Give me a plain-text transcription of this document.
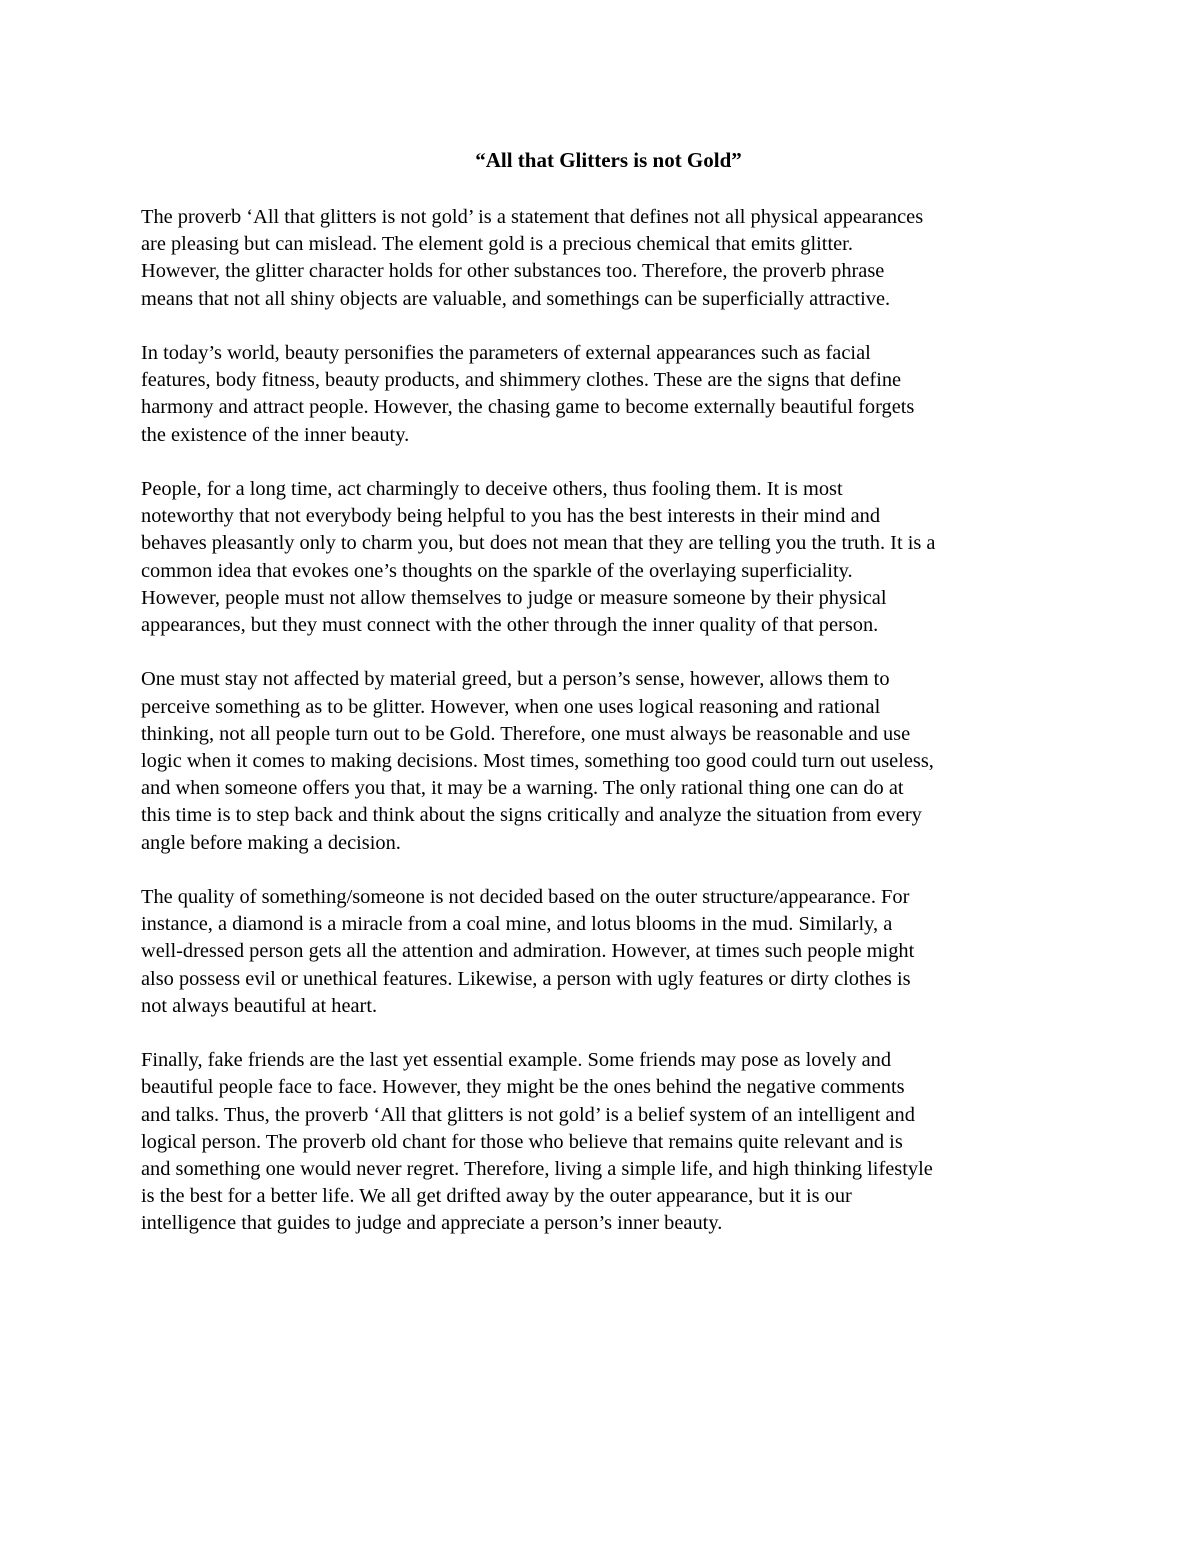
“All that Glitters is not Gold”

The proverb ‘All that glitters is not gold’ is a statement that defines not all physical appearances
are pleasing but can mislead. The element gold is a precious chemical that emits glitter.
However, the glitter character holds for other substances too. Therefore, the proverb phrase
means that not all shiny objects are valuable, and somethings can be superficially attractive.

In today’s world, beauty personifies the parameters of external appearances such as facial
features, body fitness, beauty products, and shimmery clothes. These are the signs that define
harmony and attract people. However, the chasing game to become externally beautiful forgets
the existence of the inner beauty.

People, for a long time, act charmingly to deceive others, thus fooling them. It is most
noteworthy that not everybody being helpful to you has the best interests in their mind and
behaves pleasantly only to charm you, but does not mean that they are telling you the truth. It is a
common idea that evokes one’s thoughts on the sparkle of the overlaying superficiality.
However, people must not allow themselves to judge or measure someone by their physical
appearances, but they must connect with the other through the inner quality of that person.

One must stay not affected by material greed, but a person’s sense, however, allows them to
perceive something as to be glitter. However, when one uses logical reasoning and rational
thinking, not all people turn out to be Gold. Therefore, one must always be reasonable and use
logic when it comes to making decisions. Most times, something too good could turn out useless,
and when someone offers you that, it may be a warning. The only rational thing one can do at
this time is to step back and think about the signs critically and analyze the situation from every
angle before making a decision.

The quality of something/someone is not decided based on the outer structure/appearance. For
instance, a diamond is a miracle from a coal mine, and lotus blooms in the mud. Similarly, a
well-dressed person gets all the attention and admiration. However, at times such people might
also possess evil or unethical features. Likewise, a person with ugly features or dirty clothes is
not always beautiful at heart.

Finally, fake friends are the last yet essential example. Some friends may pose as lovely and
beautiful people face to face. However, they might be the ones behind the negative comments
and talks. Thus, the proverb ‘All that glitters is not gold’ is a belief system of an intelligent and
logical person. The proverb old chant for those who believe that remains quite relevant and is
and something one would never regret. Therefore, living a simple life, and high thinking lifestyle
is the best for a better life. We all get drifted away by the outer appearance, but it is our
intelligence that guides to judge and appreciate a person’s inner beauty.
